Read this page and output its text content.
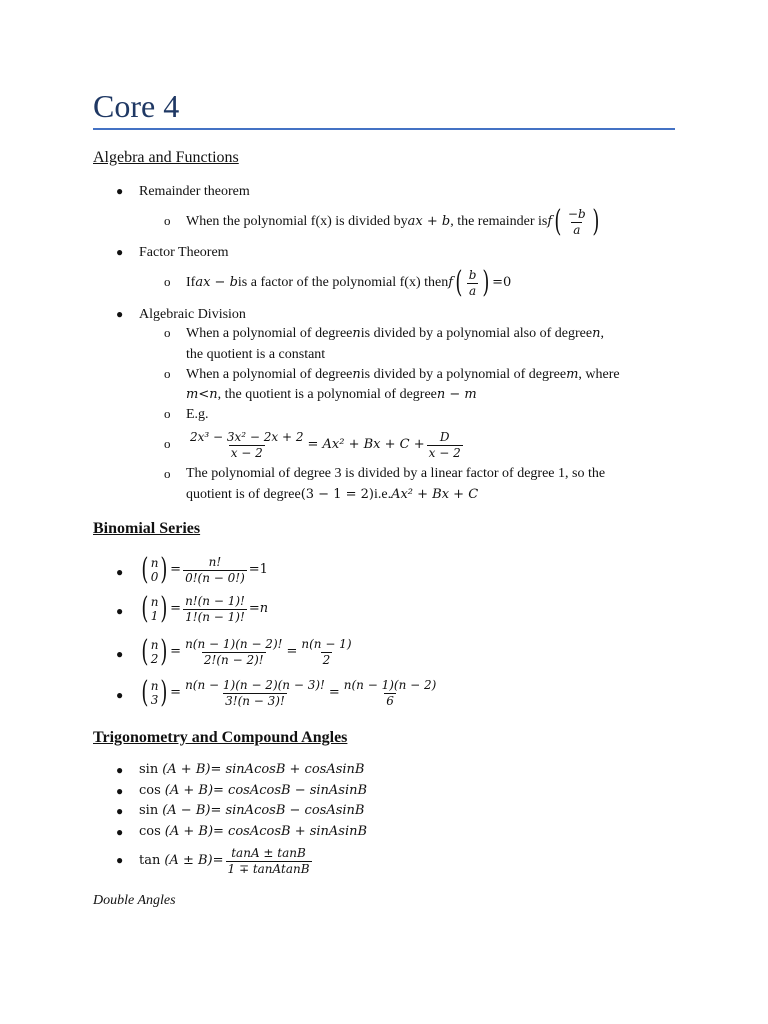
Core 4
Algebra and Functions
● Remainder theorem
o When the polynomial f(x) is divided by ax + b , the remainder is f ( $\frac{-b}{a}$ )
● Factor Theorem
o If ax − b is a factor of the polynomial f(x) then f ( $\frac{b}{a}$ ) =0
● Algebraic Division
o When a polynomial of degree n is divided by a polynomial also of degree n ,
the quotient is a constant
o When a polynomial of degree n is divided by a polynomial of degree m , where
m<n , the quotient is a polynomial of degree n − m
o E.g.
o $\frac{\text{2x³ − 3x² − 2x + 2}}{x - 2} = Ax^2 + Bx + C + \frac{D}{x - 2}$
o The polynomial of degree 3 is divided by a linear factor of degree 1, so the
quotient is of degree (3 − 1 = 2) i.e. Ax² + Bx + C
Binomial Series
● ( n
0 ) = $\frac{n!}{0!(n - 0!)} =1$
● ( n
1 ) = $\frac{n!(n - 1)!}{1!(n - 1)!} =n$
● ( n
2 ) = $\frac{n(n - 1)(n - 2)!}{2!(n - 2)!} = \frac{n(n - 1)}{2}$
● ( n
3 ) = $\frac{n(n - 1)(n - 2)(n - 3)!}{3!(n - 3)!} = \frac{n(n - 1)(n - 2)}{6}$
Trigonometry and Compound Angles
● sin (A + B) = sinAcosB + cosAsinB
● cos (A + B) = cosAcosB − sinAsinB
● sin (A − B) = sinAcosB − cosAsinB
● cos (A + B) = cosAcosB + sinAsinB
● $\tan (A \pm B) = \frac{\tan A \pm \tan B}{\text{1 ∓ tanAtanB}}$
Double Angles
